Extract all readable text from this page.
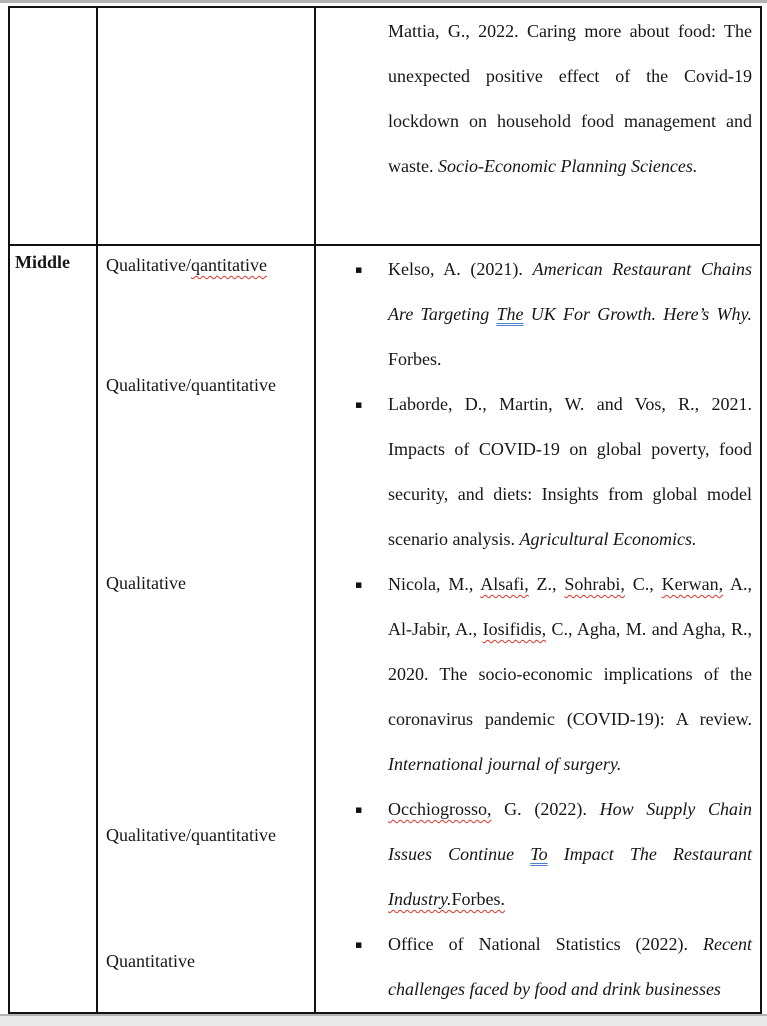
Mattia, G., 2022. Caring more about food: The unexpected positive effect of the Covid-19 lockdown on household food management and waste. Socio-Economic Planning Sciences.
Middle	Qualitative/qantitative
Qualitative/quantitative
Qualitative
Qualitative/quantitative
Quantitative
▪ Kelso, A. (2021). American Restaurant Chains Are Targeting The UK For Growth. Here’s Why. Forbes.
▪ Laborde, D., Martin, W. and Vos, R., 2021. Impacts of COVID-19 on global poverty, food security, and diets: Insights from global model scenario analysis. Agricultural Economics.
▪ Nicola, M., Alsafi, Z., Sohrabi, C., Kerwan, A., Al-Jabir, A., Iosifidis, C., Agha, M. and Agha, R., 2020. The socio-economic implications of the coronavirus pandemic (COVID-19): A review. International journal of surgery.
▪ Occhiogrosso, G. (2022). How Supply Chain Issues Continue To Impact The Restaurant Industry.Forbes.
▪ Office of National Statistics (2022). Recent challenges faced by food and drink businesses
